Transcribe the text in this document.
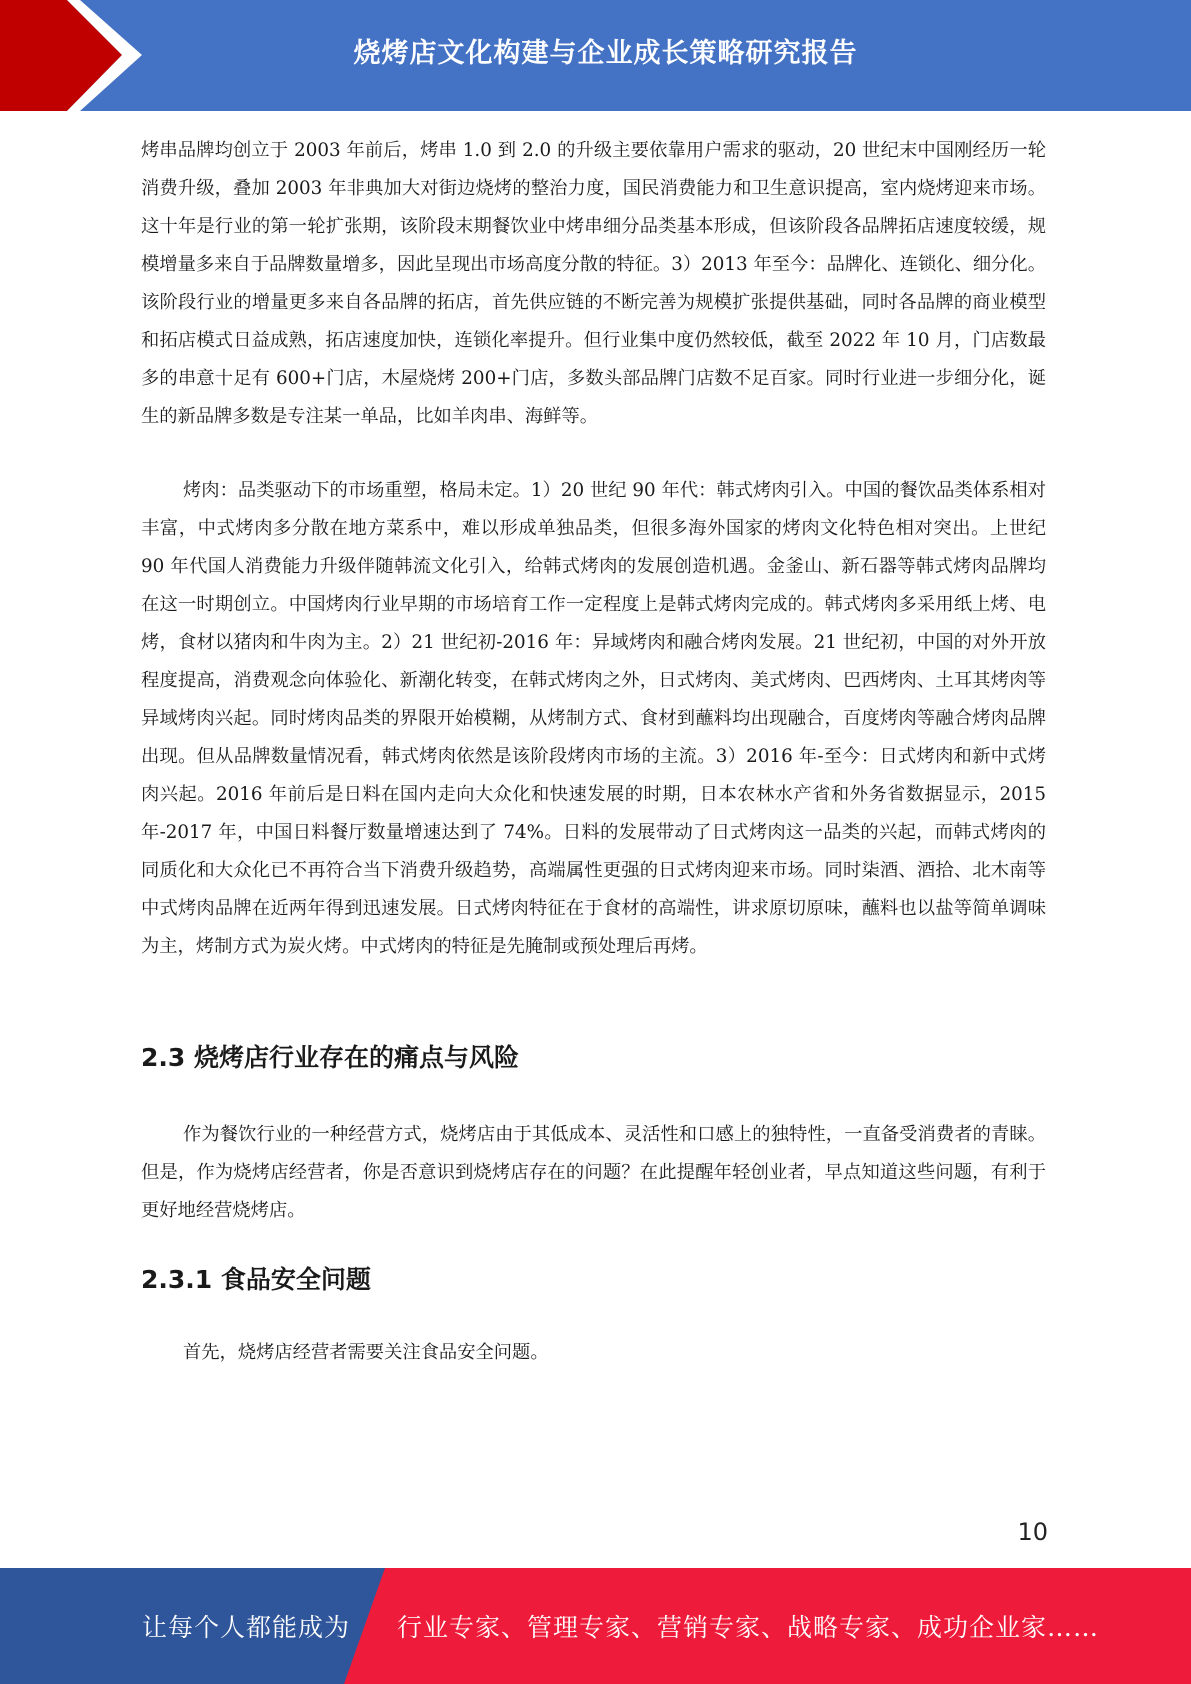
烧烤店文化构建与企业成长策略研究报告

烤串品牌均创立于 2003 年前后，烤串 1.0 到 2.0 的升级主要依靠用户需求的驱动，20 世纪末中国刚经历一轮消费升级，叠加 2003 年非典加大对街边烧烤的整治力度，国民消费能力和卫生意识提高，室内烧烤迎来市场。这十年是行业的第一轮扩张期，该阶段末期餐饮业中烤串细分品类基本形成，但该阶段各品牌拓店速度较缓，规模增量多来自于品牌数量增多，因此呈现出市场高度分散的特征。3）2013 年至今：品牌化、连锁化、细分化。该阶段行业的增量更多来自各品牌的拓店，首先供应链的不断完善为规模扩张提供基础，同时各品牌的商业模型和拓店模式日益成熟，拓店速度加快，连锁化率提升。但行业集中度仍然较低，截至 2022 年 10 月，门店数最多的串意十足有 600+门店，木屋烧烤 200+门店，多数头部品牌门店数不足百家。同时行业进一步细分化，诞生的新品牌多数是专注某一单品，比如羊肉串、海鲜等。

烤肉：品类驱动下的市场重塑，格局未定。1）20 世纪 90 年代：韩式烤肉引入。中国的餐饮品类体系相对丰富，中式烤肉多分散在地方菜系中，难以形成单独品类，但很多海外国家的烤肉文化特色相对突出。上世纪 90 年代国人消费能力升级伴随韩流文化引入，给韩式烤肉的发展创造机遇。金釜山、新石器等韩式烤肉品牌均在这一时期创立。中国烤肉行业早期的市场培育工作一定程度上是韩式烤肉完成的。韩式烤肉多采用纸上烤、电烤，食材以猪肉和牛肉为主。2）21 世纪初-2016 年：异域烤肉和融合烤肉发展。21 世纪初，中国的对外开放程度提高，消费观念向体验化、新潮化转变，在韩式烤肉之外，日式烤肉、美式烤肉、巴西烤肉、土耳其烤肉等异域烤肉兴起。同时烤肉品类的界限开始模糊，从烤制方式、食材到蘸料均出现融合，百度烤肉等融合烤肉品牌出现。但从品牌数量情况看，韩式烤肉依然是该阶段烤肉市场的主流。3）2016 年-至今：日式烤肉和新中式烤肉兴起。2016 年前后是日料在国内走向大众化和快速发展的时期，日本农林水产省和外务省数据显示，2015 年-2017 年，中国日料餐厅数量增速达到了 74%。日料的发展带动了日式烤肉这一品类的兴起，而韩式烤肉的同质化和大众化已不再符合当下消费升级趋势，高端属性更强的日式烤肉迎来市场。同时柒酒、酒拾、北木南等中式烤肉品牌在近两年得到迅速发展。日式烤肉特征在于食材的高端性，讲求原切原味，蘸料也以盐等简单调味为主，烤制方式为炭火烤。中式烤肉的特征是先腌制或预处理后再烤。

2.3 烧烤店行业存在的痛点与风险

作为餐饮行业的一种经营方式，烧烤店由于其低成本、灵活性和口感上的独特性，一直备受消费者的青睐。但是，作为烧烤店经营者，你是否意识到烧烤店存在的问题？在此提醒年轻创业者，早点知道这些问题，有利于更好地经营烧烤店。

2.3.1 食品安全问题

首先，烧烤店经营者需要关注食品安全问题。

10
让每个人都能成为 行业专家、管理专家、营销专家、战略专家、成功企业家……
